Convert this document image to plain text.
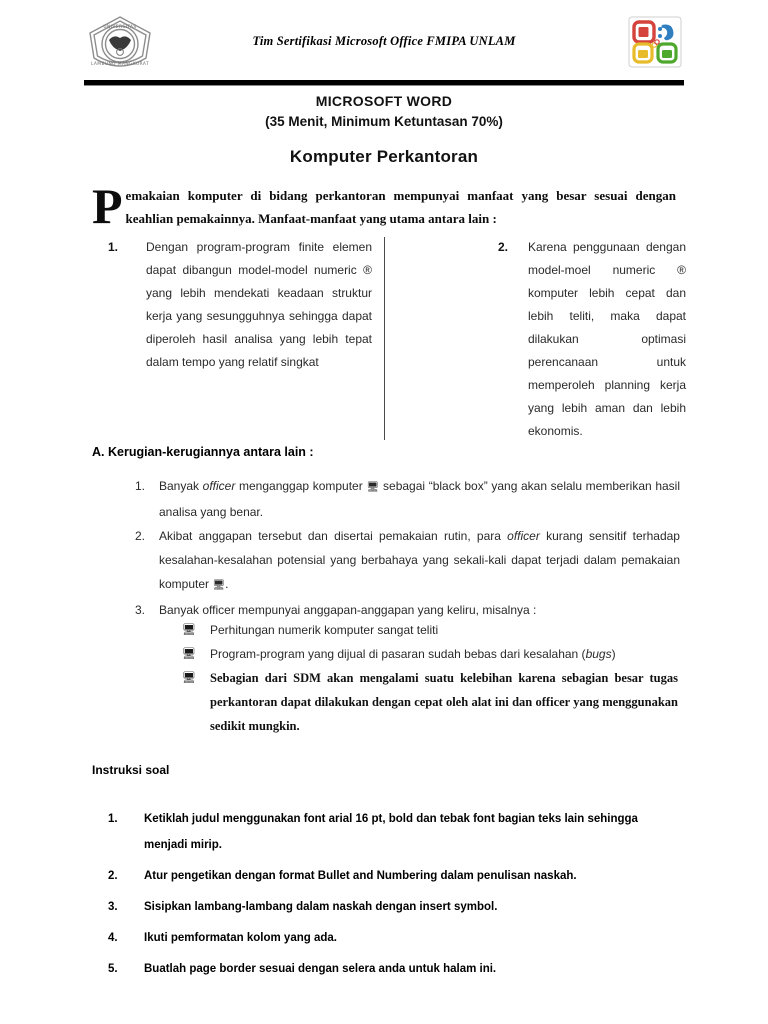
UNIVERSITAS
LAMBUNG MANGKURAT
Tim Sertifikasi Microsoft Office FMIPA UNLAM
MICROSOFT WORD
(35 Menit, Minimum Ketuntasan 70%)
Komputer Perkantoran
Pemakaian komputer di bidang perkantoran mempunyai manfaat yang besar sesuai dengan keahlian pemakainnya. Manfaat-manfaat yang utama antara lain :
1.	Dengan program-program finite elemen dapat dibangun model-model numeric ® yang lebih mendekati keadaan struktur kerja yang sesungguhnya sehingga dapat diperoleh hasil analisa yang lebih tepat dalam tempo yang relatif singkat
2.	Karena penggunaan dengan model-moel numeric ® komputer lebih cepat dan lebih teliti, maka dapat dilakukan optimasi perencanaan untuk memperoleh planning kerja yang lebih aman dan lebih ekonomis.
A. Kerugian-kerugiannya antara lain :
1.	Banyak officer menganggap komputer 🖥 sebagai “black box” yang akan selalu memberikan hasil analisa yang benar.
2.	Akibat anggapan tersebut dan disertai pemakaian rutin, para officer kurang sensitif terhadap kesalahan-kesalahan potensial yang berbahaya yang sekali-kali dapat terjadi dalam pemakaian komputer 🖥.
3.	Banyak officer mempunyai anggapan-anggapan yang keliru, misalnya :
🖥	Perhitungan numerik komputer sangat teliti
🖥	Program-program yang dijual di pasaran sudah bebas dari kesalahan (bugs)
🖥	Sebagian dari SDM akan mengalami suatu kelebihan karena sebagian besar tugas perkantoran dapat dilakukan dengan cepat oleh alat ini dan officer yang menggunakan sedikit mungkin.
Instruksi soal
1.	Ketiklah judul menggunakan font arial 16 pt, bold dan tebak font bagian teks lain sehingga menjadi mirip.
2.	Atur pengetikan dengan format Bullet and Numbering dalam penulisan naskah.
3.	Sisipkan lambang-lambang dalam naskah dengan insert symbol.
4.	Ikuti pemformatan kolom yang ada.
5.	Buatlah page border sesuai dengan selera anda untuk halam ini.
